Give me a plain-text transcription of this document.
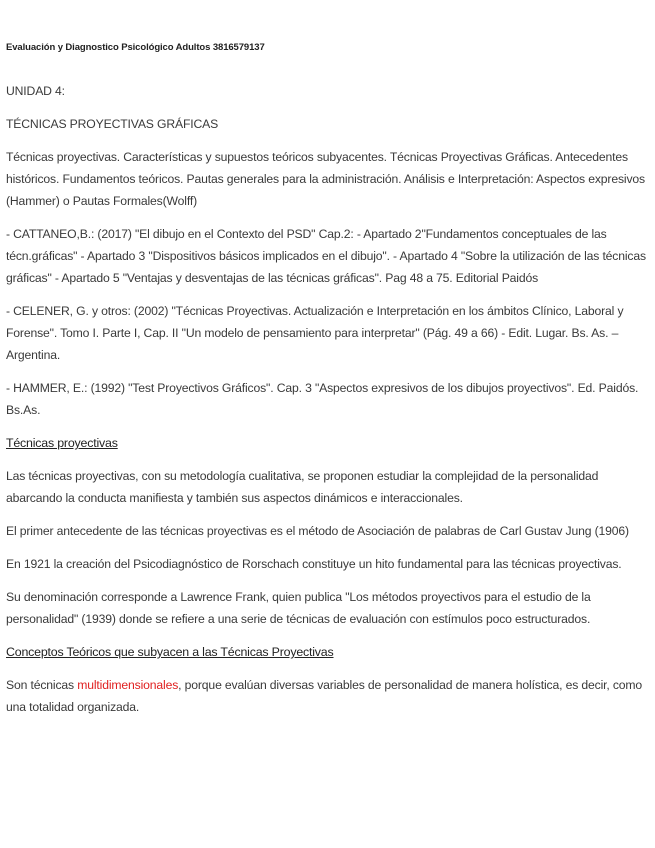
Evaluación y Diagnostico Psicológico Adultos 3816579137

UNIDAD 4:

TÉCNICAS PROYECTIVAS GRÁFICAS

Técnicas proyectivas. Características y supuestos teóricos subyacentes. Técnicas Proyectivas Gráficas. Antecedentes históricos. Fundamentos teóricos. Pautas generales para la administración. Análisis e Interpretación: Aspectos expresivos (Hammer) o Pautas Formales(Wolff)

- CATTANEO,B.: (2017) "El dibujo en el Contexto del PSD" Cap.2: - Apartado 2"Fundamentos conceptuales de las técn.gráficas" - Apartado 3 "Dispositivos básicos implicados en el dibujo". - Apartado 4 "Sobre la utilización de las técnicas gráficas" - Apartado 5 "Ventajas y desventajas de las técnicas gráficas". Pag 48 a 75. Editorial Paidós

- CELENER, G. y otros: (2002) "Técnicas Proyectivas. Actualización e Interpretación en los ámbitos Clínico, Laboral y Forense". Tomo I. Parte I, Cap. II "Un modelo de pensamiento para interpretar" (Pág. 49 a 66) - Edit. Lugar. Bs. As. – Argentina.

- HAMMER, E.: (1992) "Test Proyectivos Gráficos". Cap. 3 "Aspectos expresivos de los dibujos proyectivos". Ed. Paidós. Bs.As.

Técnicas proyectivas

Las técnicas proyectivas, con su metodología cualitativa, se proponen estudiar la complejidad de la personalidad abarcando la conducta manifiesta y también sus aspectos dinámicos e interaccionales.

El primer antecedente de las técnicas proyectivas es el método de Asociación de palabras de Carl Gustav Jung (1906)

En 1921 la creación del Psicodiagnóstico de Rorschach constituye un hito fundamental para las técnicas proyectivas.

Su denominación corresponde a Lawrence Frank, quien publica "Los métodos proyectivos para el estudio de la personalidad" (1939) donde se refiere a una serie de técnicas de evaluación con estímulos poco estructurados.

Conceptos Teóricos que subyacen a las Técnicas Proyectivas

Son técnicas multidimensionales, porque evalúan diversas variables de personalidad de manera holística, es decir, como una totalidad organizada.
